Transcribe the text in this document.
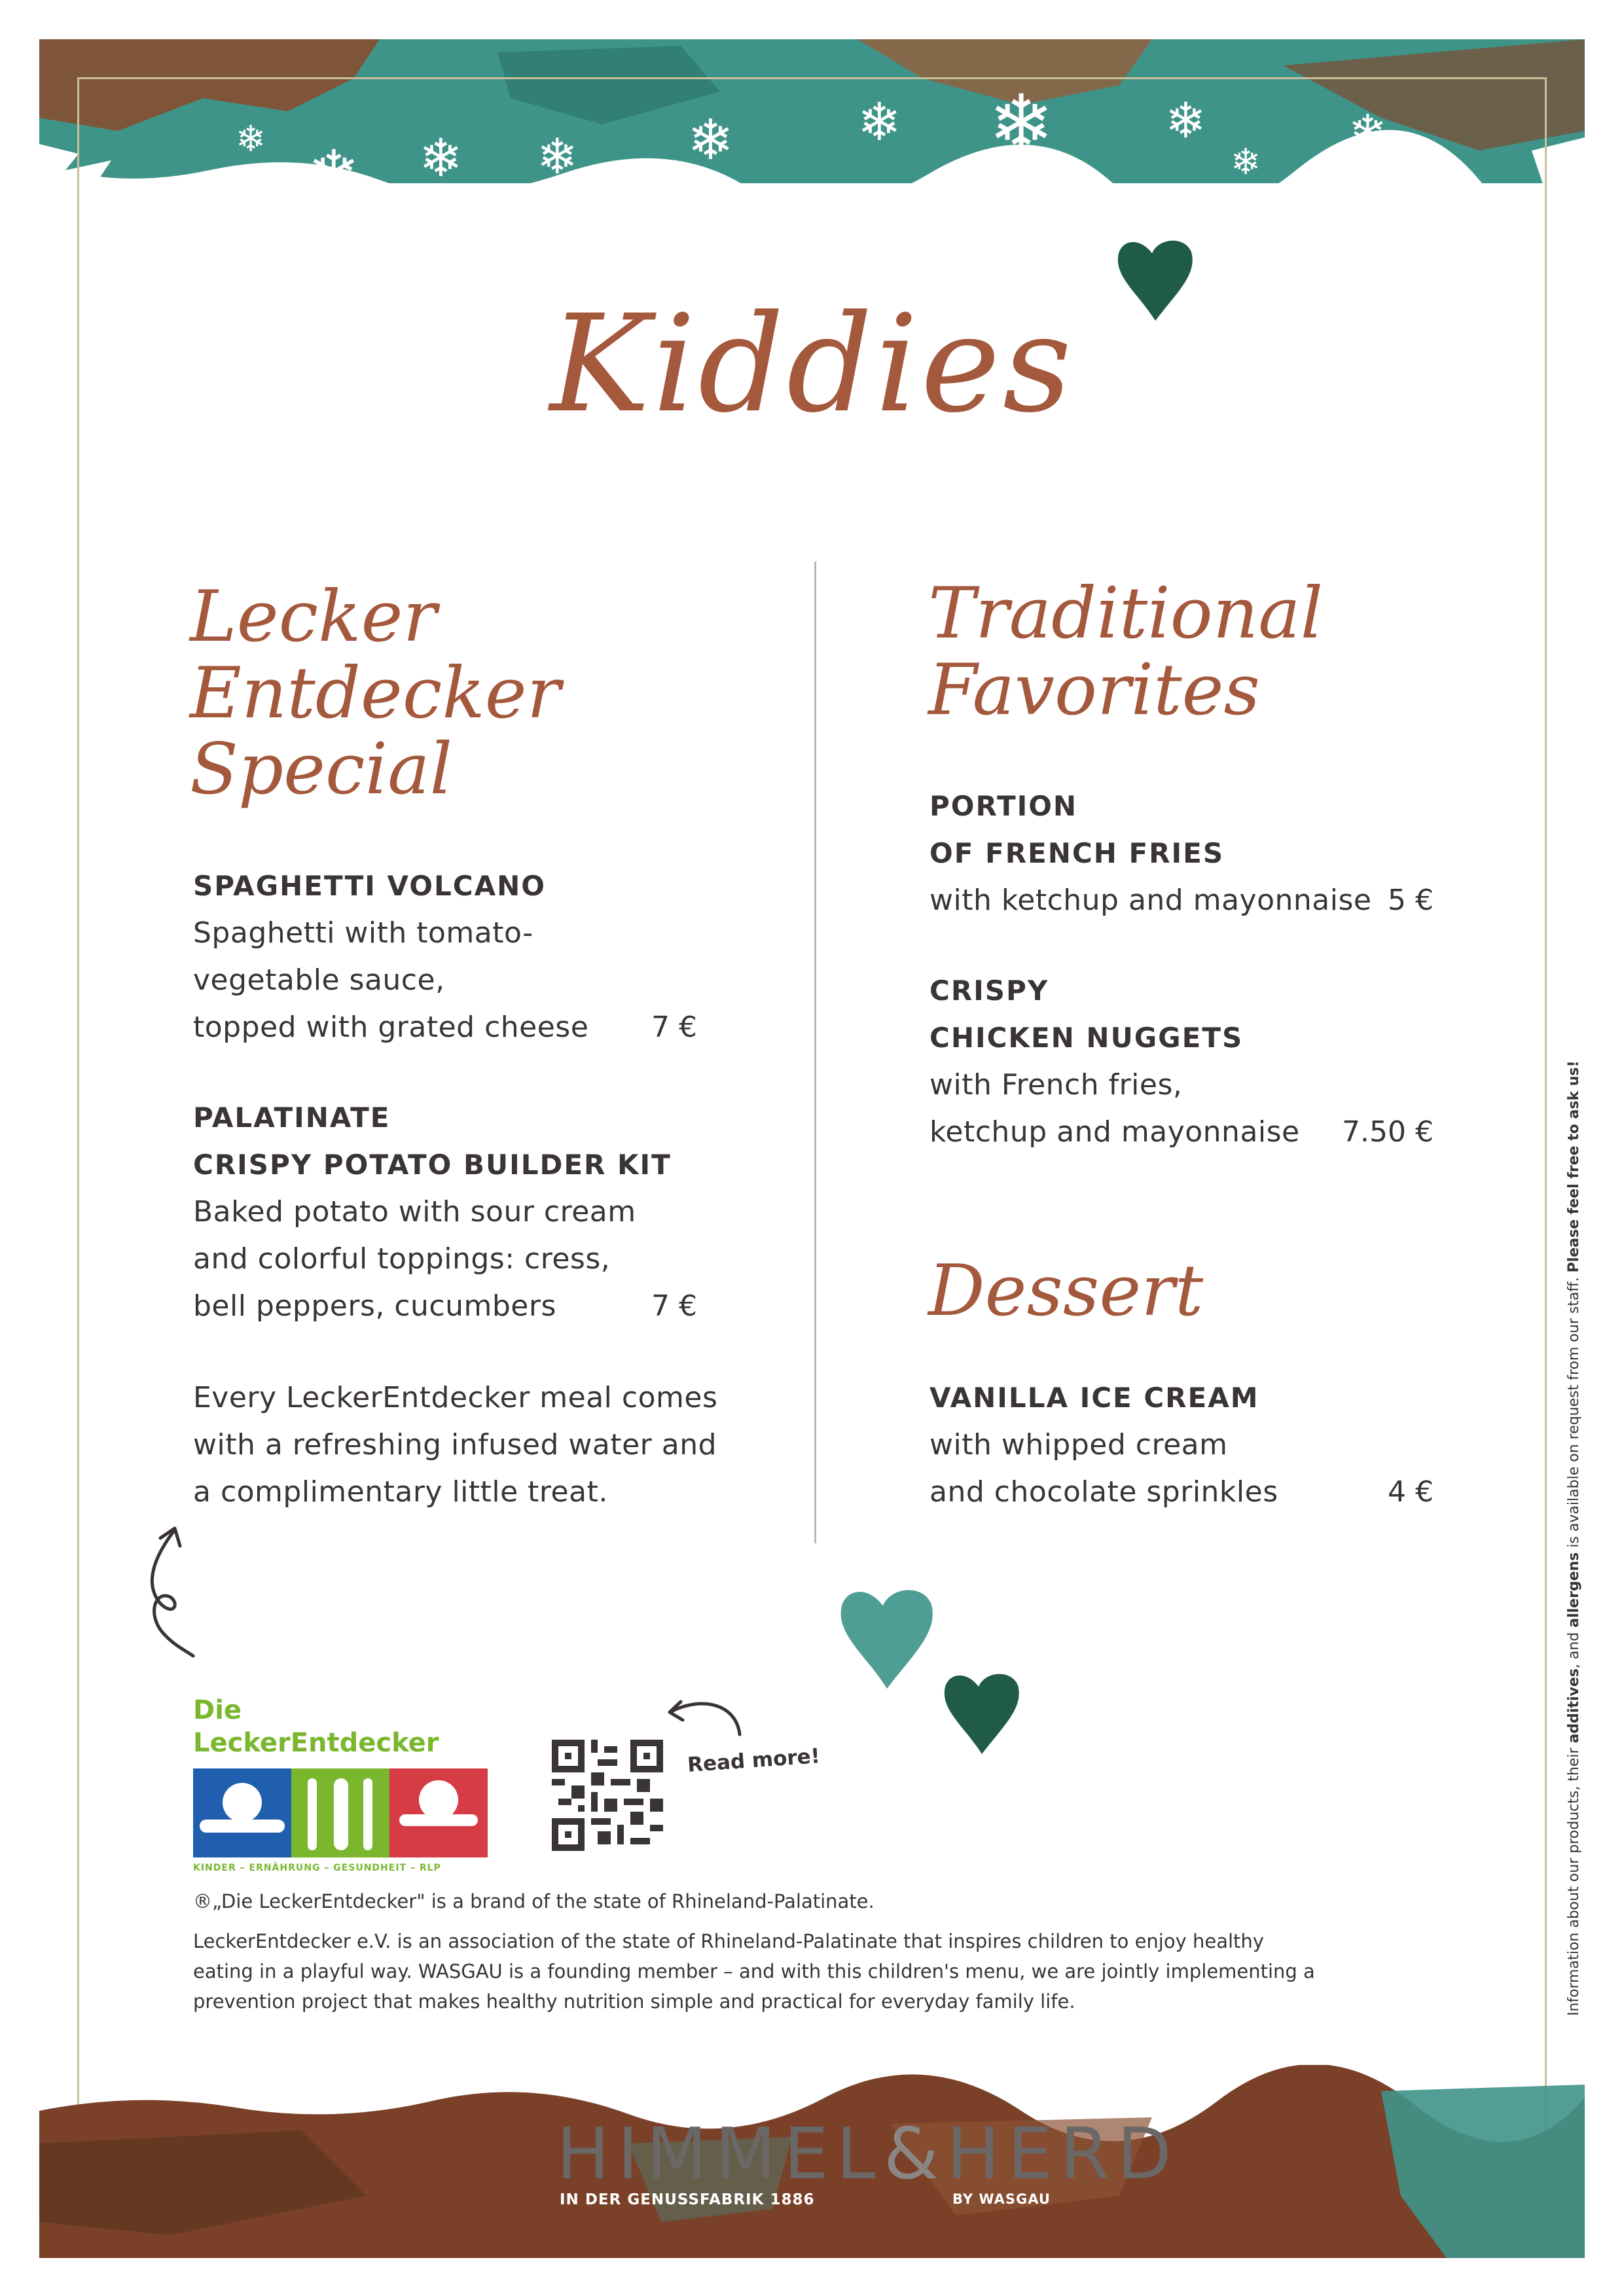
❄ ❄ ❄	❄
❄
❄
❄
❄
❄
❄
Kiddies
Lecker
Entdecker
Special
SPAGHETTI VOLCANO
Spaghetti with tomato-
vegetable sauce,
topped with grated cheese 7 €
PALATINATE
CRISPY POTATO BUILDER KIT
Baked potato with sour cream
and colorful toppings: cress,
bell peppers, cucumbers	7 €
Every LeckerEntdecker meal comes
with a refreshing infused water and
a complimentary little treat.
Traditional
Favorites
PORTION
OF FRENCH FRIES
with ketchup and mayonnaise 5 €
CRISPY
CHICKEN NUGGETS
with French fries,
ketchup and mayonnaise 7.50 €
Dessert
VANILLA ICE CREAM
with whipped cream
and chocolate sprinkles	4 €
Die LeckerEntdecker
KINDER – ERNÄHRUNG – GESUNDHEIT – RLP
Read more!
®„Die LeckerEntdecker" is a brand of the state of Rhineland-Palatinate.
LeckerEntdecker e.V. is an association of the state of Rhineland-Palatinate that inspires children to enjoy healthy
eating in a playful way. WASGAU is a founding member – and with this children's menu, we are jointly implementing a
prevention project that makes healthy nutrition simple and practical for everyday family life.	Information about our products, their additives, and allergens is available on request from our staff. Please feel free to ask us!
HIMMEL&HERD
IN DER GENUSSFABRIK 1886	BY WASGAU
